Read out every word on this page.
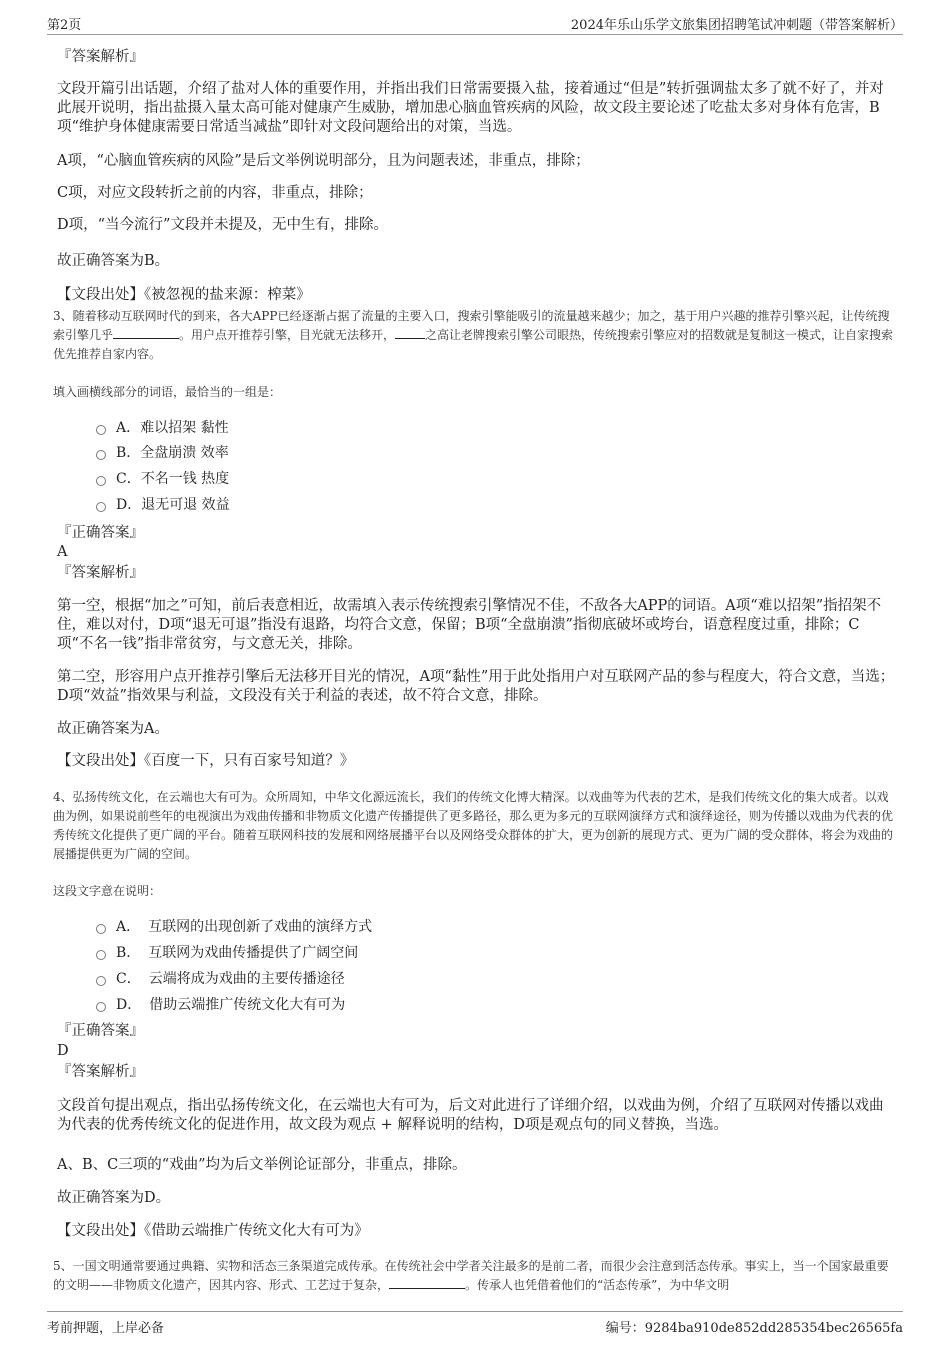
第2页	2024年乐山乐学文旅集团招聘笔试冲刺题（带答案解析）
『答案解析』
文段开篇引出话题，介绍了盐对人体的重要作用，并指出我们日常需要摄入盐，接着通过“但是”转折强调盐太多了就不好了，并对此展开说明，指出盐摄入量太高可能对健康产生威胁，增加患心脑血管疾病的风险，故文段主要论述了吃盐太多对身体有危害，B项“维护身体健康需要日常适当减盐”即针对文段问题给出的对策，当选。
A项，“心脑血管疾病的风险”是后文举例说明部分，且为问题表述，非重点，排除；
C项，对应文段转折之前的内容，非重点，排除；
D项，“当今流行”文段并未提及，无中生有，排除。
故正确答案为B。
【文段出处】《被忽视的盐来源：榨菜》
3、随着移动互联网时代的到来，各大APP已经逐渐占据了流量的主要入口，搜索引擎能吸引的流量越来越少；加之，基于用户兴趣的推荐引擎兴起，让传统搜索引擎几乎	。用户点开推荐引擎，目光就无法移开，	之高让老牌搜索引擎公司眼热，传统搜索引擎应对的招数就是复制这一模式，让自家搜索优先推荐自家内容。
填入画横线部分的词语，最恰当的一组是：
A． 难以招架 黏性
B． 全盘崩溃 效率
C． 不名一钱 热度
D． 退无可退 效益
『正确答案』
A
『答案解析』
第一空，根据“加之”可知，前后表意相近，故需填入表示传统搜索引擎情况不佳，不敌各大APP的词语。A项“难以招架”指招架不住，难以对付，D项“退无可退”指没有退路，均符合文意，保留；B项“全盘崩溃”指彻底破坏或垮台，语意程度过重，排除；C项“不名一钱”指非常贫穷，与文意无关，排除。
第二空，形容用户点开推荐引擎后无法移开目光的情况，A项“黏性”用于此处指用户对互联网产品的参与程度大，符合文意，当选；D项“效益”指效果与利益，文段没有关于利益的表述，故不符合文意，排除。
故正确答案为A。
【文段出处】《百度一下，只有百家号知道？》
4、弘扬传统文化，在云端也大有可为。众所周知，中华文化源远流长，我们的传统文化博大精深。以戏曲等为代表的艺术，是我们传统文化的集大成者。以戏曲为例，如果说前些年的电视演出为戏曲传播和非物质文化遗产传播提供了更多路径，那么更为多元的互联网演绎方式和演绎途径，则为传播以戏曲为代表的优秀传统文化提供了更广阔的平台。随着互联网科技的发展和网络展播平台以及网络受众群体的扩大，更为创新的展现方式、更为广阔的受众群体，将会为戏曲的展播提供更为广阔的空间。
这段文字意在说明：
A． 互联网的出现创新了戏曲的演绎方式
B． 互联网为戏曲传播提供了广阔空间
C． 云端将成为戏曲的主要传播途径
D． 借助云端推广传统文化大有可为
『正确答案』
D
『答案解析』
文段首句提出观点，指出弘扬传统文化，在云端也大有可为，后文对此进行了详细介绍，以戏曲为例，介绍了互联网对传播以戏曲为代表的优秀传统文化的促进作用，故文段为观点 + 解释说明的结构，D项是观点句的同义替换，当选。
A、B、C三项的“戏曲”均为后文举例论证部分，非重点，排除。
故正确答案为D。
【文段出处】《借助云端推广传统文化大有可为》
5、一国文明通常要通过典籍、实物和活态三条渠道完成传承。在传统社会中学者关注最多的是前二者，而很少会注意到活态传承。事实上，当一个国家最重要的文明——非物质文化遗产，因其内容、形式、工艺过于复杂，	。传承人也凭借着他们的“活态传承”，为中华文明
考前押题，上岸必备	编号：9284ba910de852dd285354bec26565fa
